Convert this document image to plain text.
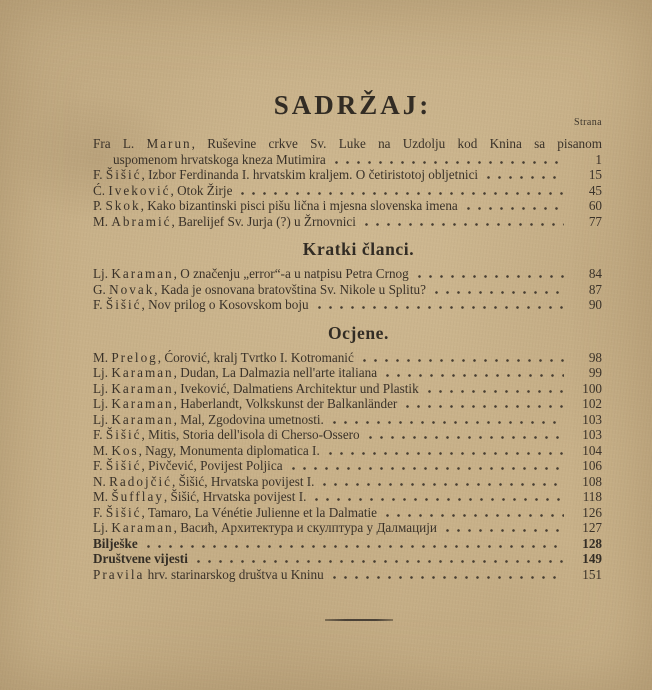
SADRŽAJ:
Strana
Fra L. Marun, Ruševine crkve Sv. Luke na Uzdolju kod Knina sa pisanom
uspomenom hrvatskoga kneza Mutimira	1
F. Šišić, Izbor Ferdinanda I. hrvatskim kraljem. O četiristotoj obljetnici	15
Ć. Iveković, Otok Žirje	45
P. Skok, Kako bizantinski pisci pišu lična i mjesna slovenska imena	60
M. Abramić, Barelijef Sv. Jurja (?) u Žrnovnici	77
Kratki članci.
Lj. Karaman, O značenju „error“-a u natpisu Petra Crnog	84
G. Novak, Kada je osnovana bratovština Sv. Nikole u Splitu?	87
F. Šišić, Nov prilog o Kosovskom boju	90
Ocjene.
M. Prelog, Ćorović, kralj Tvrtko I. Kotromanić	98
Lj. Karaman, Dudan, La Dalmazia nell'arte italiana	99
Lj. Karaman, Iveković, Dalmatiens Architektur und Plastik	100
Lj. Karaman, Haberlandt, Volkskunst der Balkanländer	102
Lj. Karaman, Mal, Zgodovina umetnosti.	103
F. Šišić, Mitis, Storia dell'isola di Cherso-Ossero	103
M. Kos, Nagy, Monumenta diplomatica I.	104
F. Šišić, Pivčević, Povijest Poljica	106
N. Radojčić, Šišić, Hrvatska povijest I.	108
M. Šufflay, Šišić, Hrvatska povijest I.	118
F. Šišić, Tamaro, La Vénétie Julienne et la Dalmatie	126
Lj. Karaman, Васић, Архитектура и скулптура у Далмацији	127
Bilješke	128
Društvene vijesti	149
Pravila hrv. starinarskog društva u Kninu	151
